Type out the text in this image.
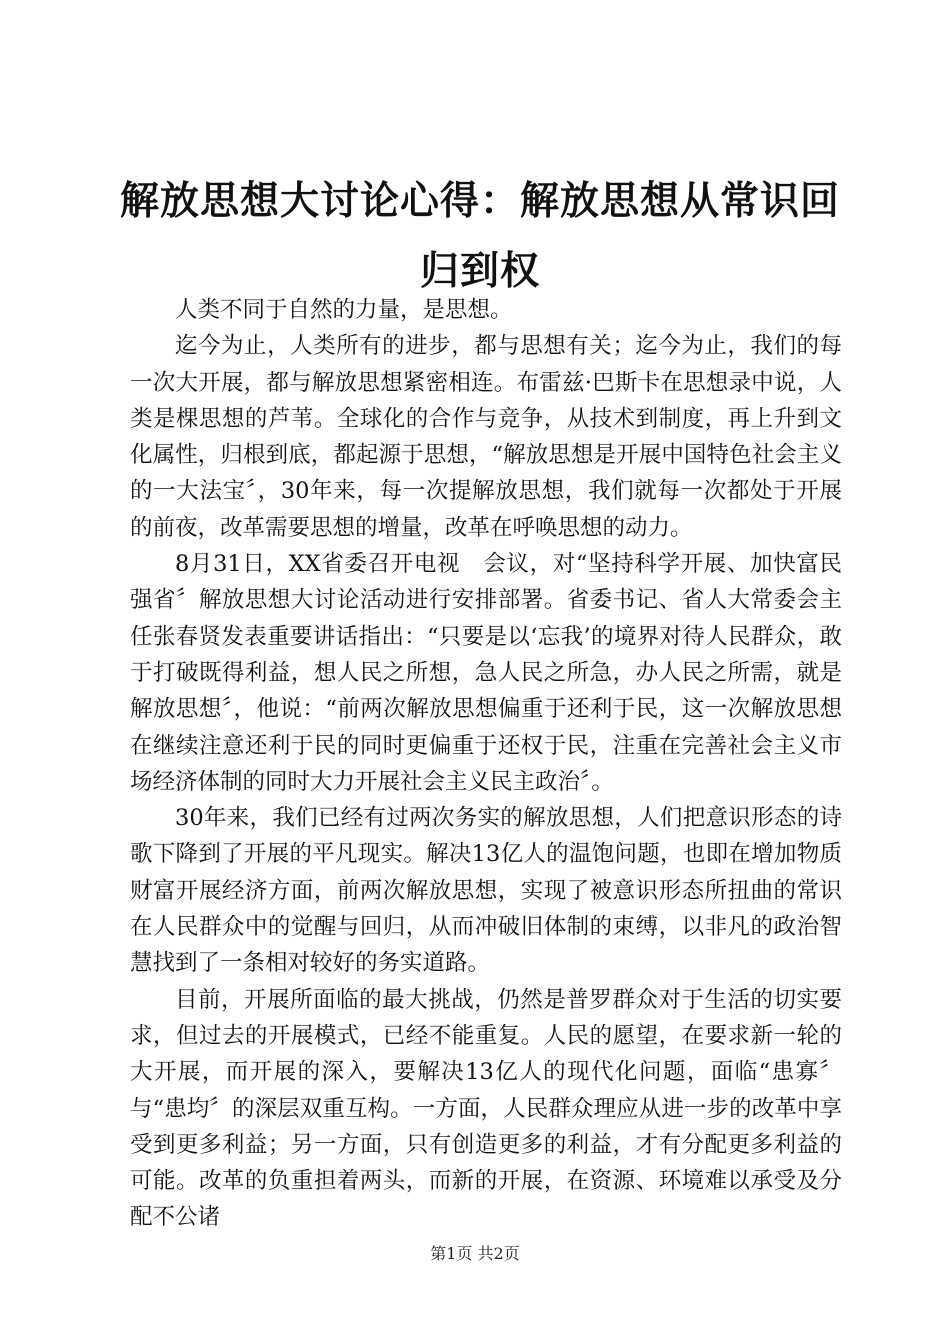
解放思想大讨论心得：解放思想从常识回归到权

人类不同于自然的力量，是思想。

迄今为止，人类所有的进步，都与思想有关；迄今为止，我们的每一次大开展，都与解放思想紧密相连。布雷兹·巴斯卡在思想录中说，人类是棵思想的芦苇。全球化的合作与竞争，从技术到制度，再上升到文化属性，归根到底，都起源于思想，“解放思想是开展中国特色社会主义的一大法宝〞，30年来，每一次提解放思想，我们就每一次都处于开展的前夜，改革需要思想的增量，改革在呼唤思想的动力。

8月31日，XX省委召开电视　会议，对“坚持科学开展、加快富民强省〞解放思想大讨论活动进行安排部署。省委书记、省人大常委会主任张春贤发表重要讲话指出：“只要是以‘忘我’的境界对待人民群众，敢于打破既得利益，想人民之所想，急人民之所急，办人民之所需，就是解放思想〞，他说：“前两次解放思想偏重于还利于民，这一次解放思想在继续注意还利于民的同时更偏重于还权于民，注重在完善社会主义市场经济体制的同时大力开展社会主义民主政治〞。

30年来，我们已经有过两次务实的解放思想，人们把意识形态的诗歌下降到了开展的平凡现实。解决13亿人的温饱问题，也即在增加物质财富开展经济方面，前两次解放思想，实现了被意识形态所扭曲的常识在人民群众中的觉醒与回归，从而冲破旧体制的束缚，以非凡的政治智慧找到了一条相对较好的务实道路。

目前，开展所面临的最大挑战，仍然是普罗群众对于生活的切实要求，但过去的开展模式，已经不能重复。人民的愿望，在要求新一轮的大开展，而开展的深入，要解决13亿人的现代化问题，面临“患寡〞与“患均〞的深层双重互构。一方面，人民群众理应从进一步的改革中享受到更多利益；另一方面，只有创造更多的利益，才有分配更多利益的可能。改革的负重担着两头，而新的开展，在资源、环境难以承受及分配不公诸

第1页 共2页
